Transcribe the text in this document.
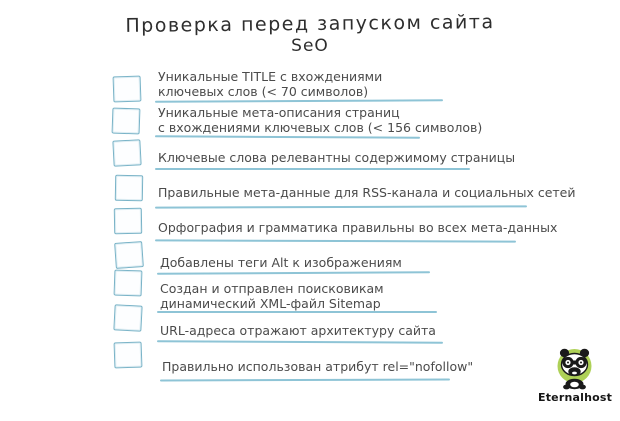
Проверка перед запуском сайта
SeO
Уникальные TITLE с вхождениями
ключевых слов (< 70 символов)
Уникальные мета-описания страниц
с вхождениями ключевых слов (< 156 символов)
Ключевые слова релевантны содержимому страницы
Правильные мета-данные для RSS-канала и социальных сетей
Орфография и грамматика правильны во всех мета-данных
Добавлены теги Alt к изображениям
Создан и отправлен поисковикам
динамический XML-файл Sitemap
URL-адреса отражают архитектуру сайта
Правильно использован атрибут rel="nofollow"
Eternalhost
